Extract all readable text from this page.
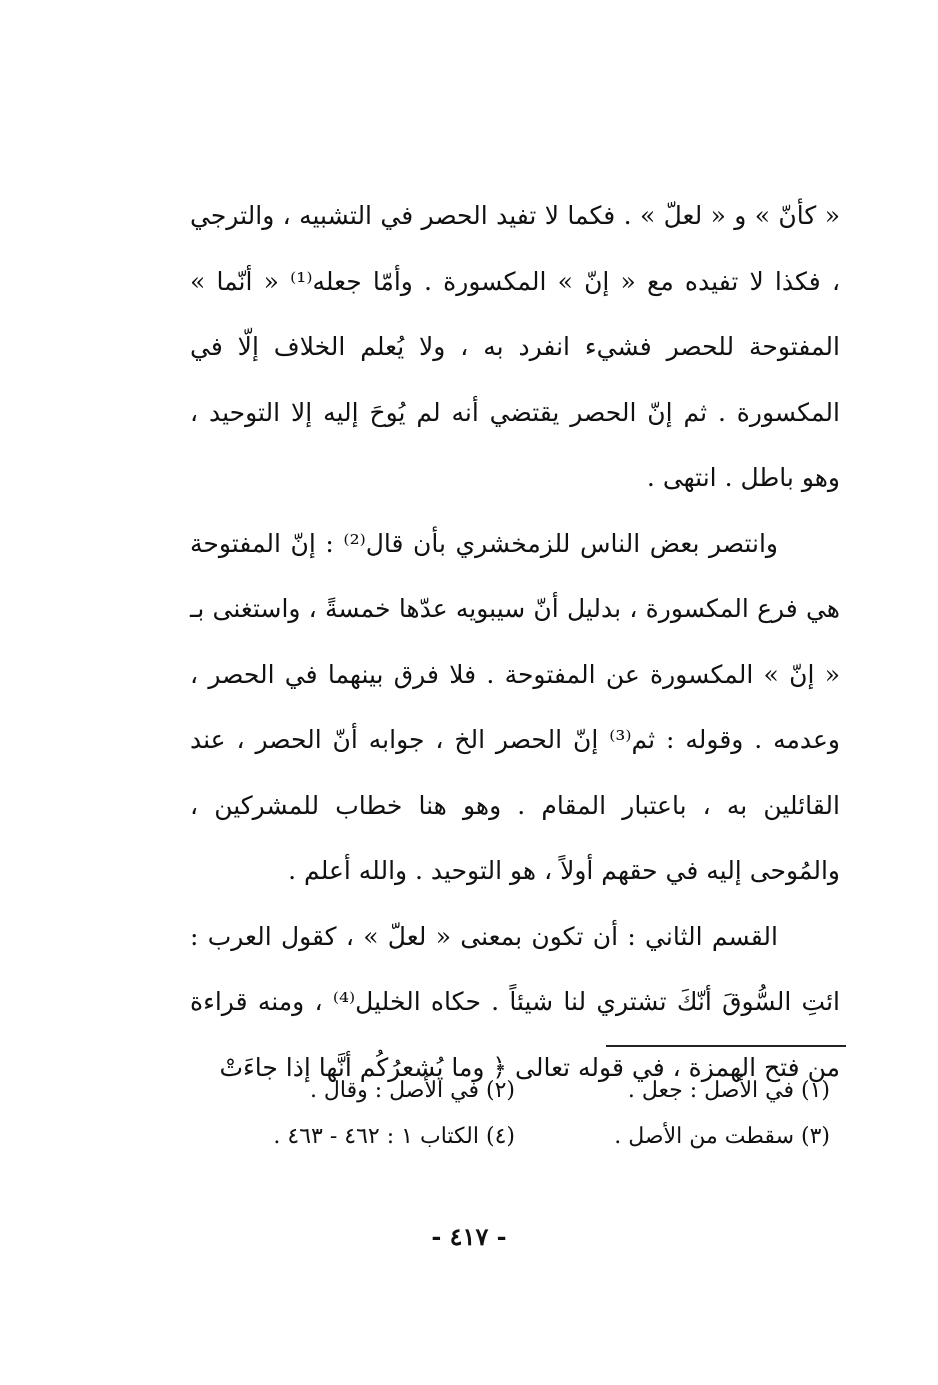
« كأنّ » و « لعلّ » . فكما لا تفيد الحصر في التشبيه ، والترجي ، فكذا لا تفيده مع « إنّ » المكسورة . وأمّا جعله⁽¹⁾ « أنّما » المفتوحة للحصر فشيء انفرد به ، ولا يُعلم الخلاف إلّا في المكسورة . ثم إنّ الحصر يقتضي أنه لم يُوحَ إليه إلا التوحيد ، وهو باطل . انتهى .

وانتصر بعض الناس للزمخشري بأن قال⁽²⁾ : إنّ المفتوحة هي فرع المكسورة ، بدليل أنّ سيبويه عدّها خمسةً ، واستغنى بـ « إنّ » المكسورة عن المفتوحة . فلا فرق بينهما في الحصر ، وعدمه . وقوله : ثم⁽³⁾ إنّ الحصر الخ ، جوابه أنّ الحصر ، عند القائلين به ، باعتبار المقام . وهو هنا خطاب للمشركين ، والمُوحى إليه في حقهم أولاً ، هو التوحيد . والله أعلم .

القسم الثاني : أن تكون بمعنى « لعلّ » ، كقول العرب : ائتِ السُّوقَ أنّكَ تشتري لنا شيئاً . حكاه الخليل⁽⁴⁾ ، ومنه قراءة من فتح الهمزة ، في قوله تعالى ﴿ وما يُشعرُكُم أنَّها إذا جاءَتْ

(١) في الأصل : جعل .
(٢) في الأصل : وقال .
(٣) سقطت من الأصل .
(٤) الكتاب ١ : ٤٦٢ - ٤٦٣ .
- ٤١٧ -
